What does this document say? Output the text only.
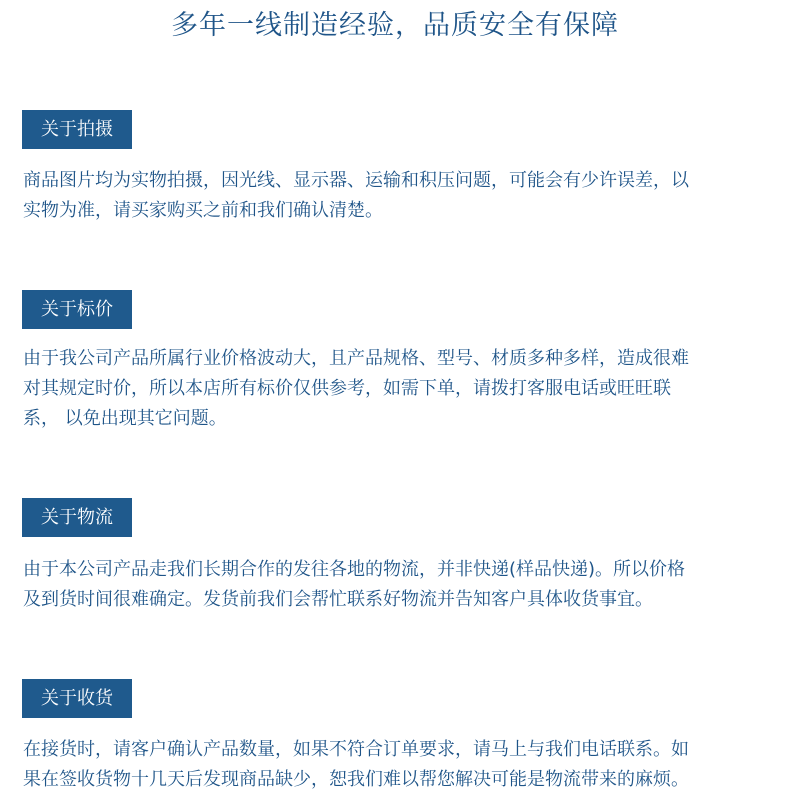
多年一线制造经验，品质安全有保障
关于拍摄
商品图片均为实物拍摄，因光线、显示器、运输和积压问题，可能会有少许误差，以
实物为准，请买家购买之前和我们确认清楚。
关于标价
由于我公司产品所属行业价格波动大，且产品规格、型号、材质多种多样，造成很难
对其规定时价，所以本店所有标价仅供参考，如需下单，请拨打客服电话或旺旺联
系， 以免出现其它问题。
关于物流
由于本公司产品走我们长期合作的发往各地的物流，并非快递(样品快递)。所以价格
及到货时间很难确定。发货前我们会帮忙联系好物流并告知客户具体收货事宜。
关于收货
在接货时，请客户确认产品数量，如果不符合订单要求，请马上与我们电话联系。如
果在签收货物十几天后发现商品缺少，恕我们难以帮您解决可能是物流带来的麻烦。
